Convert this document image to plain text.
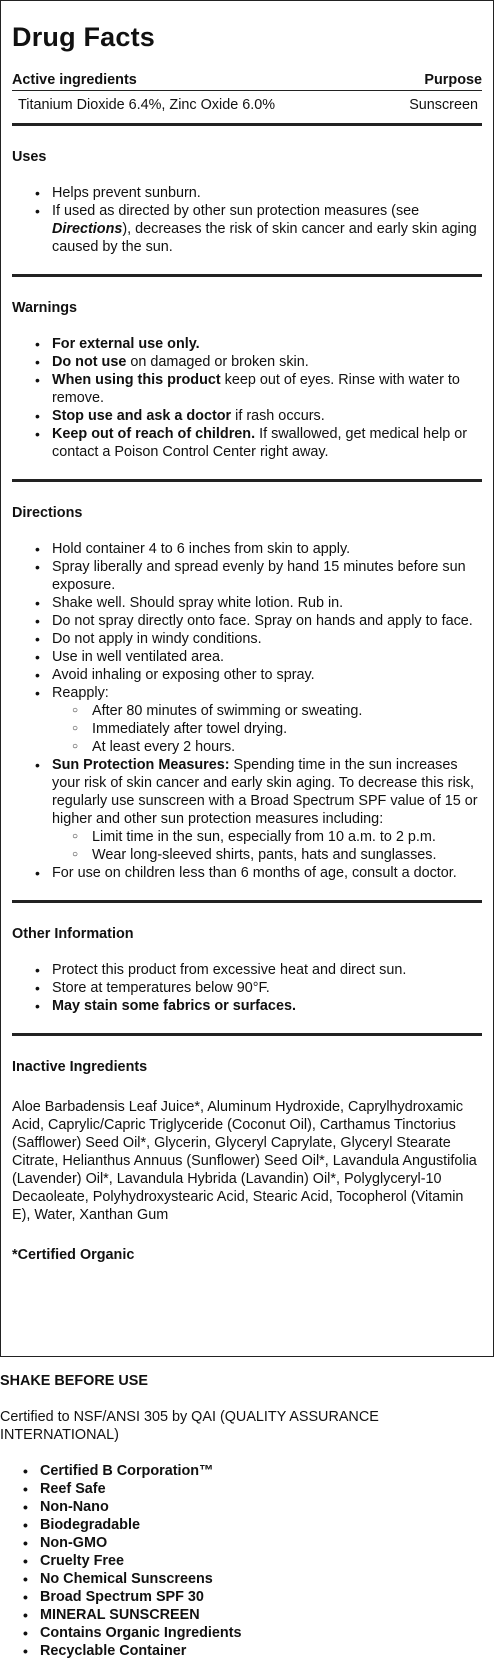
Drug Facts
Active ingredients	Purpose
Titanium Dioxide 6.4%, Zinc Oxide 6.0%	Sunscreen
Uses
• Helps prevent sunburn.
• If used as directed by other sun protection measures (see Directions), decreases the risk of skin cancer and early skin aging caused by the sun.
Warnings
• For external use only.
• Do not use on damaged or broken skin.
• When using this product keep out of eyes. Rinse with water to remove.
• Stop use and ask a doctor if rash occurs.
• Keep out of reach of children. If swallowed, get medical help or contact a Poison Control Center right away.
Directions
• Hold container 4 to 6 inches from skin to apply.
• Spray liberally and spread evenly by hand 15 minutes before sun exposure.
• Shake well. Should spray white lotion. Rub in.
• Do not spray directly onto face. Spray on hands and apply to face.
• Do not apply in windy conditions.
• Use in well ventilated area.
• Avoid inhaling or exposing other to spray.
• Reapply:
○ After 80 minutes of swimming or sweating.
○ Immediately after towel drying.
○ At least every 2 hours.
• Sun Protection Measures: Spending time in the sun increases your risk of skin cancer and early skin aging. To decrease this risk, regularly use sunscreen with a Broad Spectrum SPF value of 15 or higher and other sun protection measures including:
○ Limit time in the sun, especially from 10 a.m. to 2 p.m.
○ Wear long-sleeved shirts, pants, hats and sunglasses.
• For use on children less than 6 months of age, consult a doctor.
Other Information
• Protect this product from excessive heat and direct sun.
• Store at temperatures below 90°F.
• May stain some fabrics or surfaces.
Inactive Ingredients
Aloe Barbadensis Leaf Juice*, Aluminum Hydroxide, Caprylhydroxamic Acid, Caprylic/Capric Triglyceride (Coconut Oil), Carthamus Tinctorius (Safflower) Seed Oil*, Glycerin, Glyceryl Caprylate, Glyceryl Stearate Citrate, Helianthus Annuus (Sunflower) Seed Oil*, Lavandula Angustifolia (Lavender) Oil*, Lavandula Hybrida (Lavandin) Oil*, Polyglyceryl-10 Decaoleate, Polyhydroxystearic Acid, Stearic Acid, Tocopherol (Vitamin E), Water, Xanthan Gum
*Certified Organic
SHAKE BEFORE USE
Certified to NSF/ANSI 305 by QAI (QUALITY ASSURANCE INTERNATIONAL)
• Certified B Corporation™
• Reef Safe
• Non-Nano
• Biodegradable
• Non-GMO
• Cruelty Free
• No Chemical Sunscreens
• Broad Spectrum SPF 30
• MINERAL SUNSCREEN
• Contains Organic Ingredients
• Recyclable Container
